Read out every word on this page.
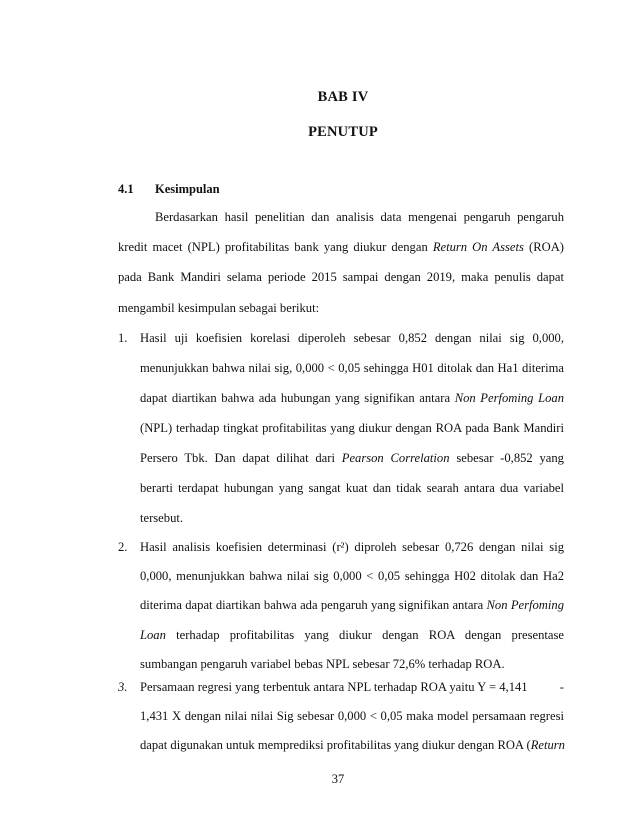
BAB IV
PENUTUP
4.1 Kesimpulan
Berdasarkan hasil penelitian dan analisis data mengenai pengaruh pengaruh
kredit macet (NPL) profitabilitas bank yang diukur dengan Return On Assets (ROA)
pada Bank Mandiri selama periode 2015 sampai dengan 2019, maka penulis dapat
mengambil kesimpulan sebagai berikut:
1. Hasil uji koefisien korelasi diperoleh sebesar 0,852 dengan nilai sig 0,000,
menunjukkan bahwa nilai sig, 0,000 < 0,05 sehingga H01 ditolak dan Ha1 diterima
dapat diartikan bahwa ada hubungan yang signifikan antara Non Perfoming Loan
(NPL) terhadap tingkat profitabilitas yang diukur dengan ROA pada Bank Mandiri
Persero Tbk. Dan dapat dilihat dari Pearson Correlation sebesar -0,852 yang
berarti terdapat hubungan yang sangat kuat dan tidak searah antara dua variabel
tersebut.
2. Hasil analisis koefisien determinasi (r²) diproleh sebesar 0,726 dengan nilai sig
0,000, menunjukkan bahwa nilai sig 0,000 < 0,05 sehingga H02 ditolak dan Ha2
diterima dapat diartikan bahwa ada pengaruh yang signifikan antara Non Perfoming
Loan terhadap profitabilitas yang diukur dengan ROA dengan presentase
sumbangan pengaruh variabel bebas NPL sebesar 72,6% terhadap ROA.
3. Persamaan regresi yang terbentuk antara NPL terhadap ROA yaitu Y = 4,141	-
1,431 X dengan nilai nilai Sig sebesar 0,000 < 0,05 maka model persamaan regresi
dapat digunakan untuk memprediksi profitabilitas yang diukur dengan ROA (Return
37
